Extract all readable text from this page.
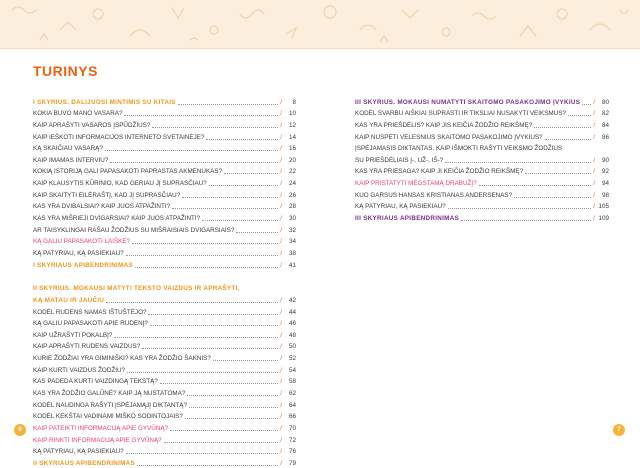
TURINYS
I SKYRIUS. DALIJUOSI MINTIMIS SU KITAIS	/	8
KOKIA BUVO MANO VASARA?	/	10
KAIP APRAŠYTI VASAROS ĮSPŪDŽIUS?	/	12
KAIP IEŠKOTI INFORMACIJOS INTERNETO SVETAINĖJE?	/	14
KĄ SKAIČIAU VASARĄ?	/	16
KAIP IMAMAS INTERVIU?	/	20
KOKIĄ ISTORIJĄ GALI PAPASAKOTI PAPRASTAS AKMENUKAS?	/	22
KAIP KLAUSYTIS KŪRINIO, KAD GERIAU JĮ SUPRASČIAU?	/	24
KAIP SKAITYTI EILĖRAŠTĮ, KAD JĮ SUPRASČIAU?	/	26
KAS YRA DVIBALSIAI? KAIP JUOS ATPAŽINTI?	/	28
KAS YRA MIŠRIEJI DVIGARSIAI? KAIP JUOS ATPAŽINTI?	/	30
AR TAISYKLINGAI RAŠAU ŽODŽIUS SU MIŠRAISIAIS DVIGARSIAIS?	/	32
KĄ GALIU PAPASAKOTI LAIŠKE?	/	34
KĄ PATYRIAU, KĄ PASIEKIAU?	/	38
I SKYRIAUS APIBENDRINIMAS	/	41
II SKYRIUS. MOKAUSI MATYTI TEKSTO VAIZDUS IR APRAŠYTI,
KĄ MATAU IR JAUČIU	/	42
KODĖL RUDENS NAMAS IŠTUŠTĖJO?	/	44
KĄ GALIU PAPASAKOTI APIE RUDENĮ?	/	46
KAIP UŽRAŠYTI POKALBĮ?	/	48
KAIP APRAŠYTI RUDENS VAIZDUS?	/	50
KURIE ŽODŽIAI YRA GIMINIŠKI? KAS YRA ŽODŽIO ŠAKNIS?	/	52
KAIP KURTI VAIZDUS ŽODŽIU?	/	54
KAS PADEDA KURTI VAIZDINGĄ TEKSTĄ?	/	58
KAS YRA ŽODŽIO GALŪNĖ? KAIP JĄ NUSTATOMA?	/	62
KODĖL NAUDINGA RAŠYTI ĮSPĖJAMĄJĮ DIKTANTĄ?	/	64
KODĖL KEKŠTAI VADINAMI MIŠKO SODINTOJAIS?	/	66
KAIP PATEIKTI INFORMACIJĄ APIE GYVŪNĄ?	/	70
KAIP RINKTI INFORMACIJĄ APIE GYVŪNĄ?	/	72
KĄ PATYRIAU, KĄ PASIEKIAU?	/	76
II SKYRIAUS APIBENDRINIMAS	/	79
III SKYRIUS. MOKAUSI NUMATYTI SKAITOMO PASAKOJIMO ĮVYKIUS /	80
KODĖL SVARBU AIŠKIAI SUPRASTI IR TIKSLIAI NUSAKYTI VEIKSMUS?	/	82
KAS YRA PRIEŠDĖLIS? KAIP JIS KEIČIA ŽODŽIO REIKŠMĘ?	/	84
KAIP NUSPĖTI VELESNIUS SKAITOMO PASAKOJIMO ĮVYKIUS?	/	86
ĮSPĖJAMASIS DIKTANTAS. KAIP IŠMOKTI RAŠYTI VEIKSMO ŽODŽIUS
SU PRIEŠDĖLIAIS Į-, UŽ-, IŠ-?	/	90
KAS YRA PRIESAGA? KAIP JI KEIČIA ŽODŽIO REIKŠMĘ?	/	92
KAIP PRISTATYTI MĖGSTAMĄ DRABUŽĮ?	/	94
KUO GARSUS HANSAS KRISTIANAS ANDERSENAS?	/	98
KĄ PATYRIAU, KĄ PASIEKIAU?	/ 105
III SKYRIAUS APIBENDRINIMAS	/ 109
6	7
